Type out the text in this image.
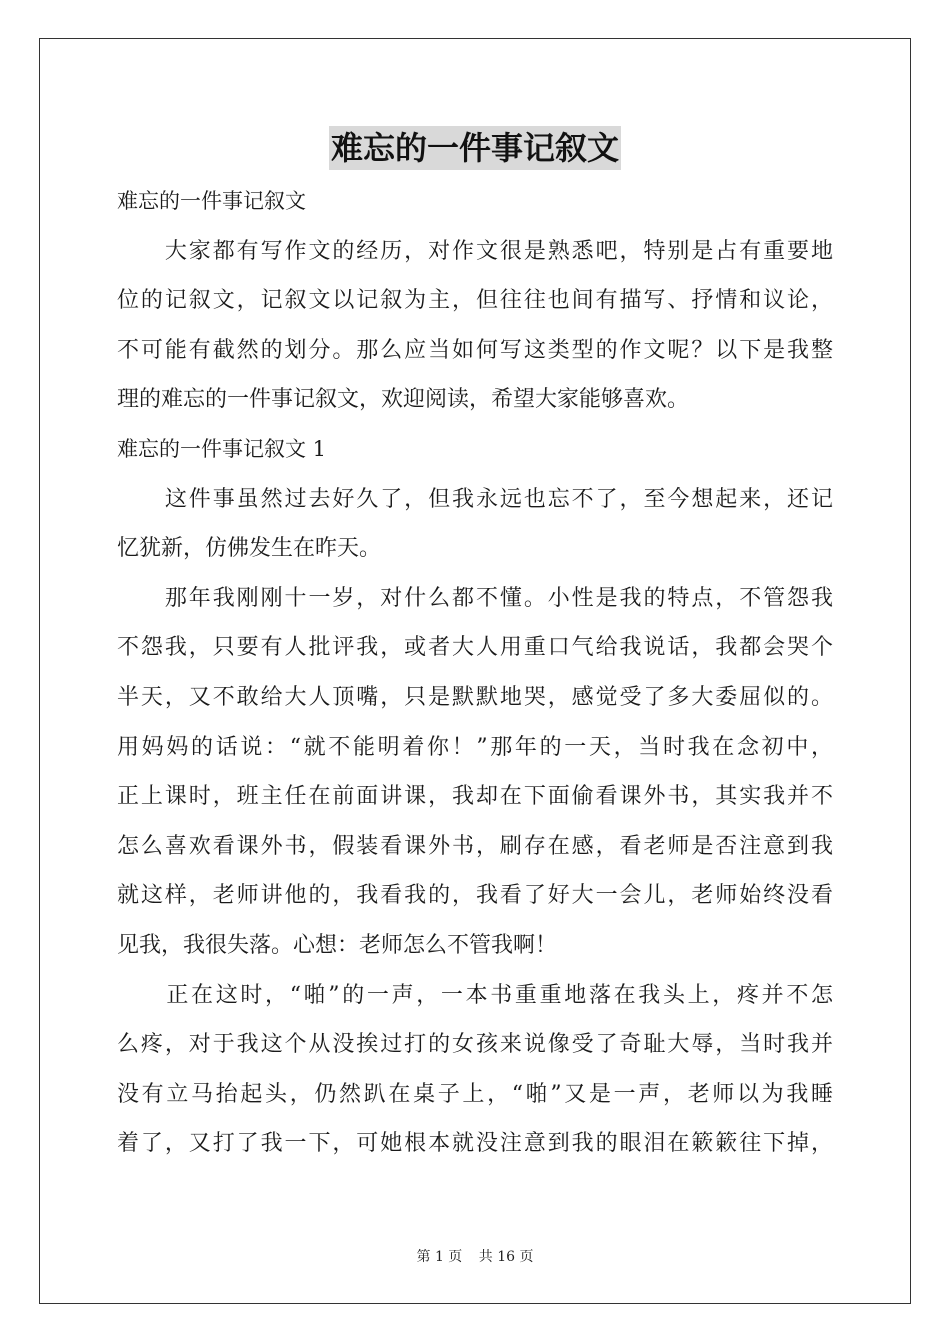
难忘的一件事记叙文
难忘的一件事记叙文
　　大家都有写作文的经历，对作文很是熟悉吧，特别是占有重要地
位的记叙文，记叙文以记叙为主，但往往也间有描写、抒情和议论，
不可能有截然的划分。那么应当如何写这类型的作文呢？以下是我整
理的难忘的一件事记叙文，欢迎阅读，希望大家能够喜欢。
难忘的一件事记叙文 1
　　这件事虽然过去好久了，但我永远也忘不了，至今想起来，还记
忆犹新，仿佛发生在昨天。
　　那年我刚刚十一岁，对什么都不懂。小性是我的特点，不管怨我
不怨我，只要有人批评我，或者大人用重口气给我说话，我都会哭个
半天，又不敢给大人顶嘴，只是默默地哭，感觉受了多大委屈似的。
用妈妈的话说：“就不能明着你！”那年的一天，当时我在念初中，
正上课时，班主任在前面讲课，我却在下面偷看课外书，其实我并不
怎么喜欢看课外书，假装看课外书，刷存在感，看老师是否注意到我
就这样，老师讲他的，我看我的，我看了好大一会儿，老师始终没看
见我，我很失落。心想：老师怎么不管我啊！
　　正在这时，“啪”的一声，一本书重重地落在我头上，疼并不怎
么疼，对于我这个从没挨过打的女孩来说像受了奇耻大辱，当时我并
没有立马抬起头，仍然趴在桌子上，“啪”又是一声，老师以为我睡
着了，又打了我一下，可她根本就没注意到我的眼泪在簌簌往下掉，
第 1 页 共 16 页
